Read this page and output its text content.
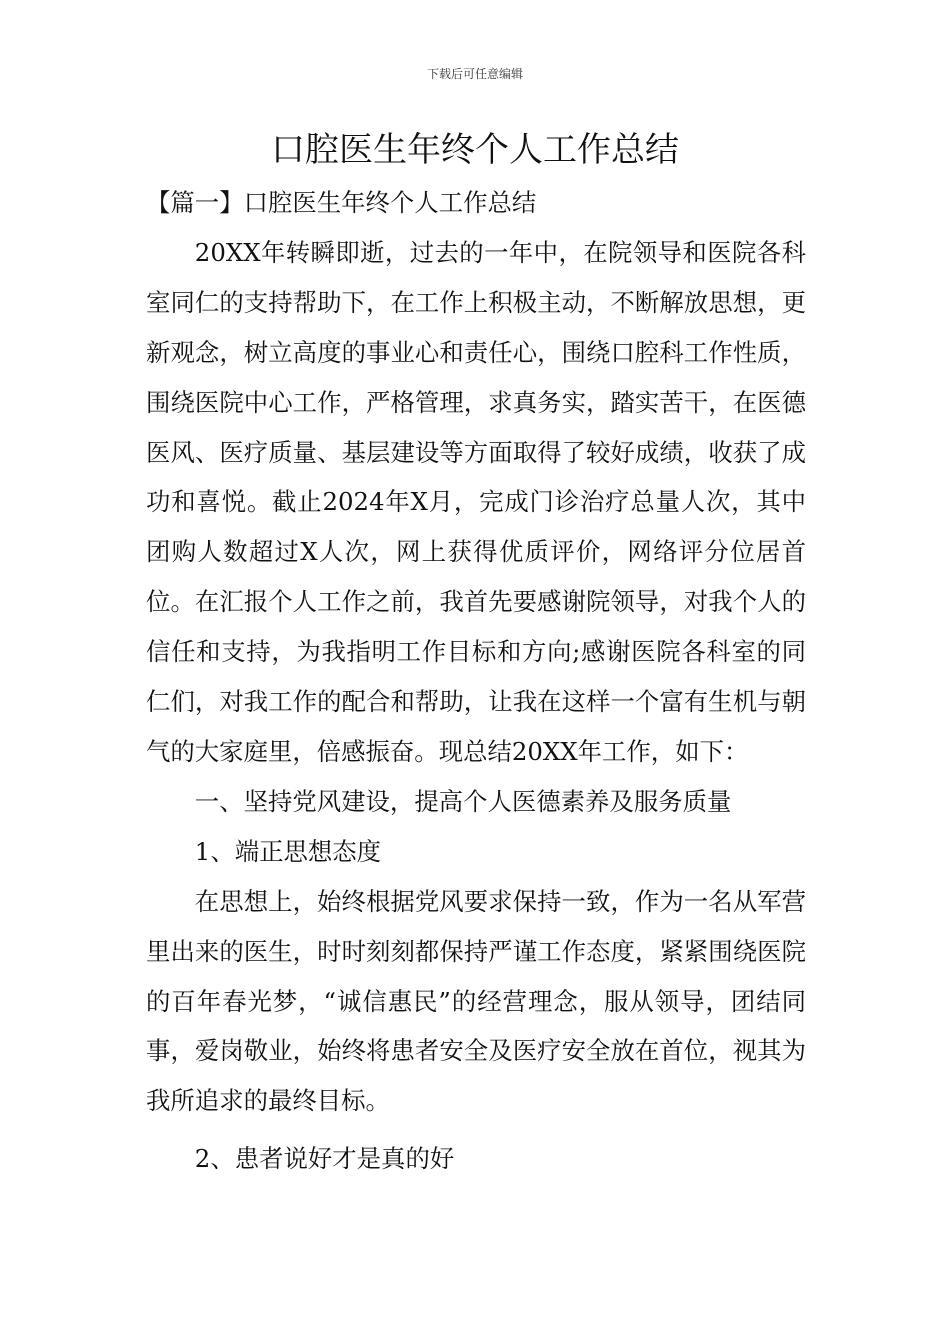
下载后可任意编辑
口腔医生年终个人工作总结

【篇一】口腔医生年终个人工作总结

20XX年转瞬即逝，过去的一年中，在院领导和医院各科室同仁的支持帮助下，在工作上积极主动，不断解放思想，更新观念，树立高度的事业心和责任心，围绕口腔科工作性质，围绕医院中心工作，严格管理，求真务实，踏实苦干，在医德医风、医疗质量、基层建设等方面取得了较好成绩，收获了成功和喜悦。截止2024年X月，完成门诊治疗总量人次，其中团购人数超过X人次，网上获得优质评价，网络评分位居首位。在汇报个人工作之前，我首先要感谢院领导，对我个人的信任和支持，为我指明工作目标和方向;感谢医院各科室的同仁们，对我工作的配合和帮助，让我在这样一个富有生机与朝气的大家庭里，倍感振奋。现总结20XX年工作，如下：

一、坚持党风建设，提高个人医德素养及服务质量

1、端正思想态度

在思想上，始终根据党风要求保持一致，作为一名从军营里出来的医生，时时刻刻都保持严谨工作态度，紧紧围绕医院的百年春光梦，“诚信惠民”的经营理念，服从领导，团结同事，爱岗敬业，始终将患者安全及医疗安全放在首位，视其为我所追求的最终目标。

2、患者说好才是真的好
